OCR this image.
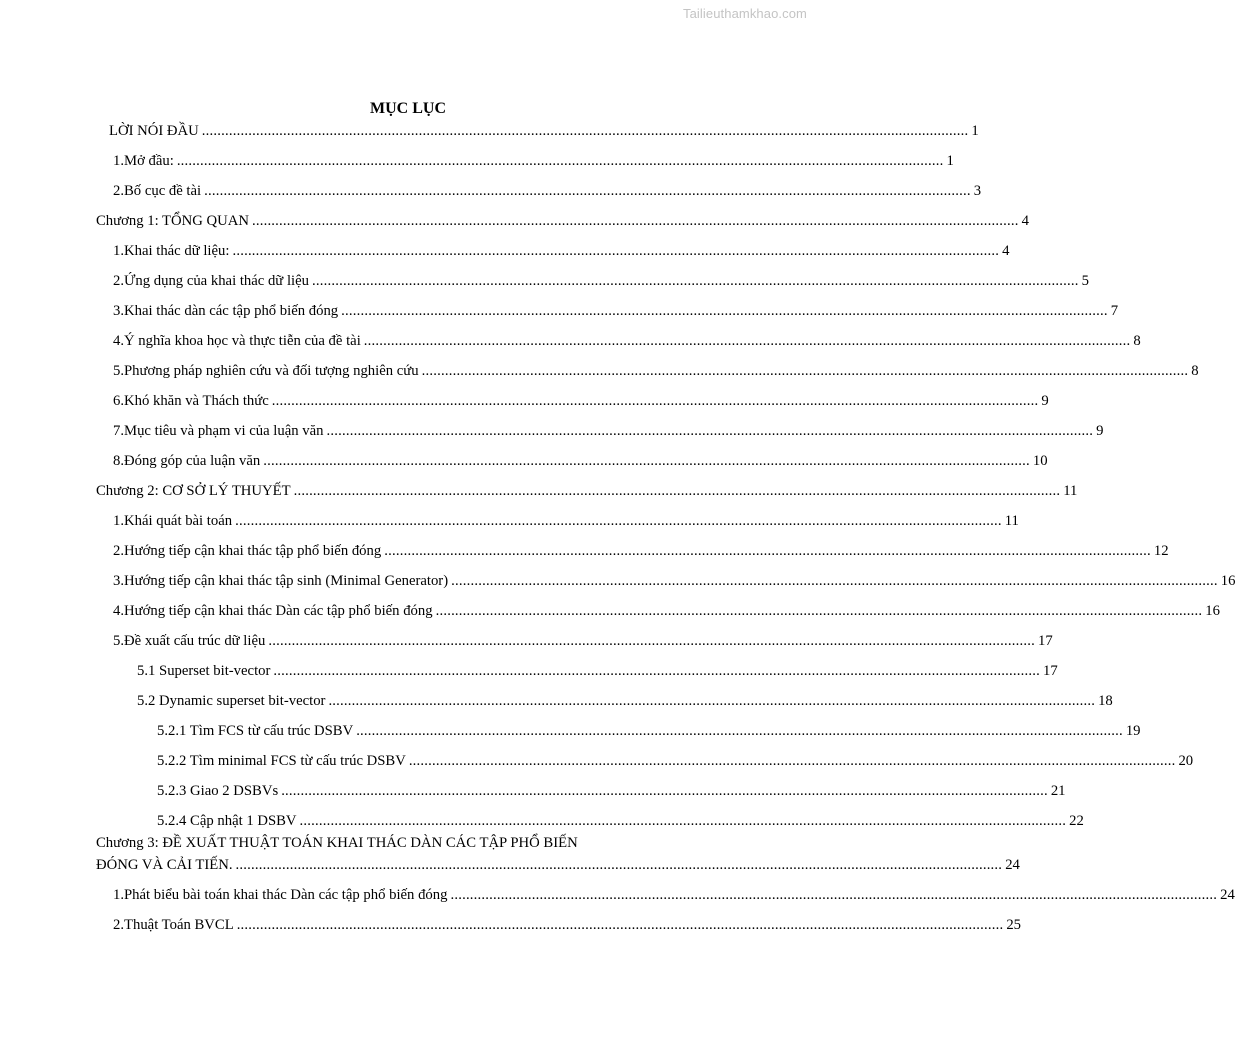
Tailieuthamkhao.com
MỤC LỤC
LỜI NÓI ĐẦU ...................................................................................................................................................................................................... 1
1. Mở đầu: ...................................................................................................................................................................................................... 1
2. Bố cục đề tài ...................................................................................................................................................................................................... 3
Chương 1: TỔNG QUAN ...................................................................................................................................................................................................... 4
1. Khai thác dữ liệu: ...................................................................................................................................................................................................... 4
2. Ứng dụng của khai thác dữ liệu ...................................................................................................................................................................................................... 5
3. Khai thác dàn các tập phổ biến đóng ...................................................................................................................................................................................................... 7
4. Ý nghĩa khoa học và thực tiễn của đề tài ...................................................................................................................................................................................................... 8
5. Phương pháp nghiên cứu và đối tượng nghiên cứu ...................................................................................................................................................................................................... 8
6. Khó khăn và Thách thức ...................................................................................................................................................................................................... 9
7. Mục tiêu và phạm vi của luận văn ...................................................................................................................................................................................................... 9
8. Đóng góp của luận văn ...................................................................................................................................................................................................... 10
Chương 2: CƠ SỞ LÝ THUYẾT ...................................................................................................................................................................................................... 11
1. Khái quát bài toán ...................................................................................................................................................................................................... 11
2. Hướng tiếp cận khai thác tập phổ biến đóng ...................................................................................................................................................................................................... 12
3. Hướng tiếp cận khai thác tập sinh (Minimal Generator) ...................................................................................................................................................................................................... 16
4. Hướng tiếp cận khai thác Dàn các tập phổ biến đóng ...................................................................................................................................................................................................... 16
5. Đề xuất cấu trúc dữ liệu ...................................................................................................................................................................................................... 17
5.1 Superset bit-vector ...................................................................................................................................................................................................... 17
5.2 Dynamic superset bit-vector ...................................................................................................................................................................................................... 18
5.2.1 Tìm FCS từ cấu trúc DSBV ...................................................................................................................................................................................................... 19
5.2.2 Tìm minimal FCS từ cấu trúc DSBV ...................................................................................................................................................................................................... 20
5.2.3 Giao 2 DSBVs ...................................................................................................................................................................................................... 21
5.2.4 Cập nhật 1 DSBV ...................................................................................................................................................................................................... 22
Chương 3: ĐỀ XUẤT THUẬT TOÁN KHAI THÁC DÀN CÁC TẬP PHỔ BIẾN
ĐÓNG VÀ CẢI TIẾN. ...................................................................................................................................................................................................... 24
1. Phát biểu bài toán khai thác Dàn các tập phổ biến đóng ...................................................................................................................................................................................................... 24
2. Thuật Toán BVCL ...................................................................................................................................................................................................... 25
